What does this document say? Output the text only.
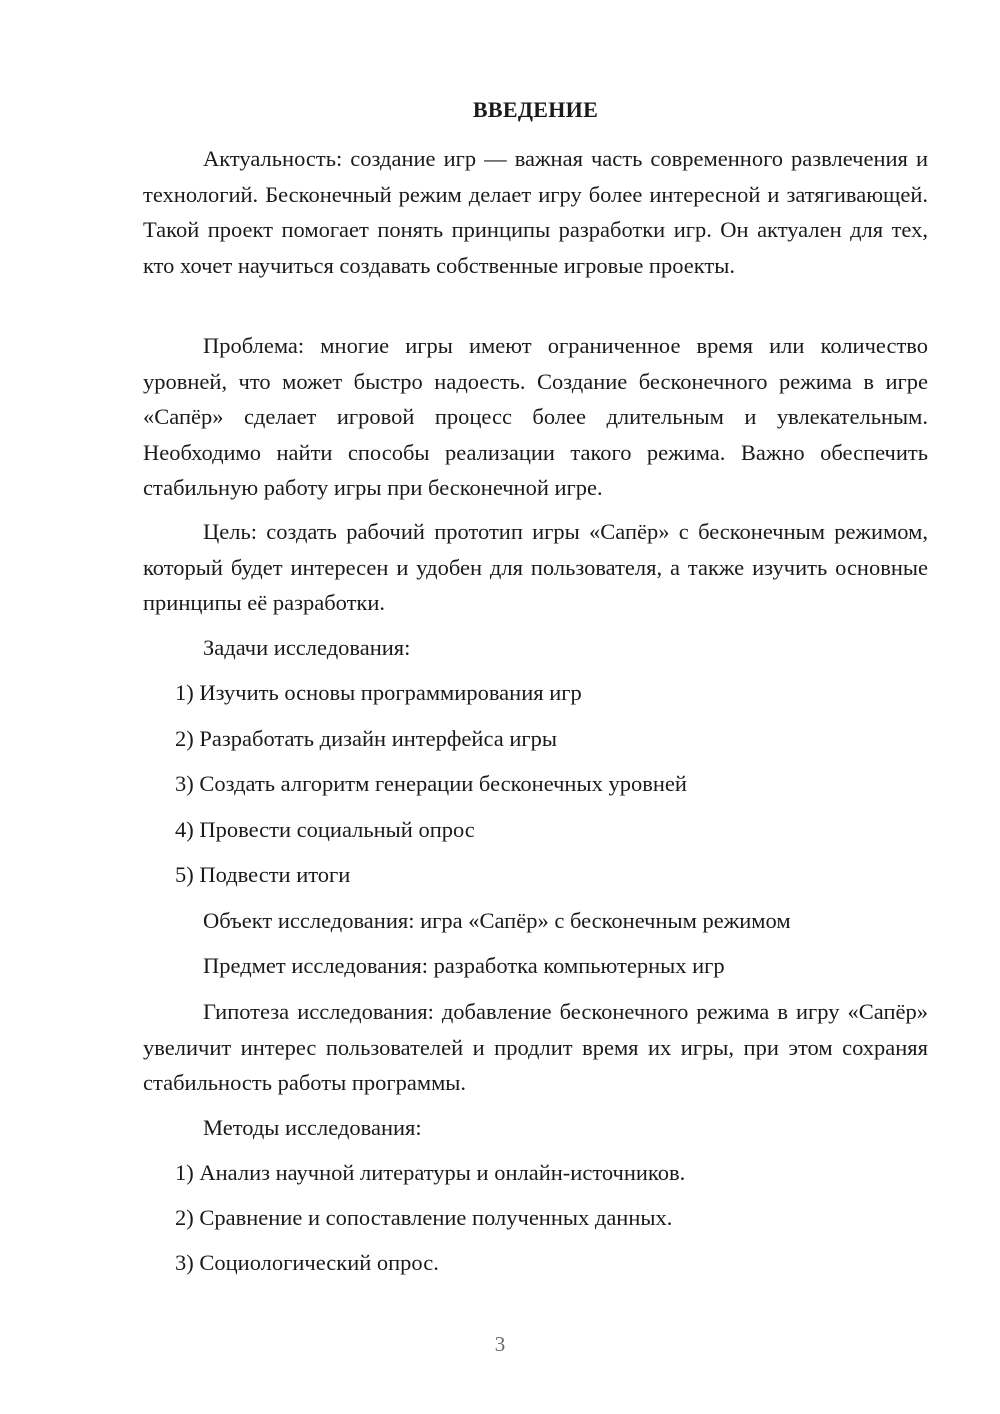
ВВЕДЕНИЕ

Актуальность: создание игр — важная часть современного развлечения и технологий. Бесконечный режим делает игру более интересной и затягивающей. Такой проект помогает понять принципы разработки игр. Он актуален для тех, кто хочет научиться создавать собственные игровые проекты.

Проблема: многие игры имеют ограниченное время или количество уровней, что может быстро надоесть. Создание бесконечного режима в игре «Сапёр» сделает игровой процесс более длительным и увлекательным. Необходимо найти способы реализации такого режима. Важно обеспечить стабильную работу игры при бесконечной игре.

Цель: создать рабочий прототип игры «Сапёр» с бесконечным режимом, который будет интересен и удобен для пользователя, а также изучить основные принципы её разработки.

Задачи исследования:

1) Изучить основы программирования игр

2) Разработать дизайн интерфейса игры

3) Создать алгоритм генерации бесконечных уровней

4) Провести социальный опрос

5) Подвести итоги

Объект исследования: игра «Сапёр» с бесконечным режимом

Предмет исследования: разработка компьютерных игр

Гипотеза исследования: добавление бесконечного режима в игру «Сапёр» увеличит интерес пользователей и продлит время их игры, при этом сохраняя стабильность работы программы.

Методы исследования:

1) Анализ научной литературы и онлайн-источников.

2) Сравнение и сопоставление полученных данных.

3) Социологический опрос.

3
